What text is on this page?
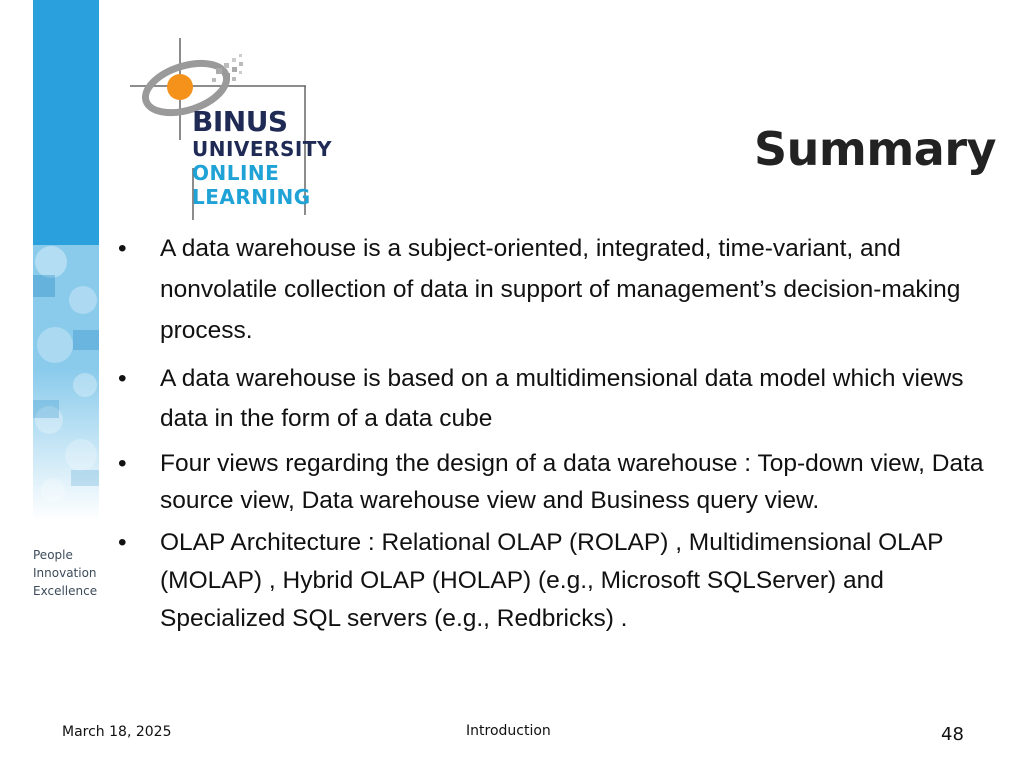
BINUS
UNIVERSITY
ONLINE
LEARNING
Summary
People
Innovation
Excellence
• A data warehouse is a subject-oriented, integrated, time-variant, and nonvolatile collection of data in support of management’s decision-making process.
• A data warehouse is based on a multidimensional data model which views data in the form of a data cube
• Four views regarding the design of a data warehouse : Top-down view, Data source view, Data warehouse view and Business query view.
• OLAP Architecture : Relational OLAP (ROLAP) , Multidimensional OLAP (MOLAP) , Hybrid OLAP (HOLAP) (e.g., Microsoft SQLServer) and Specialized SQL servers (e.g., Redbricks) .
March 18, 2025	Introduction	48
